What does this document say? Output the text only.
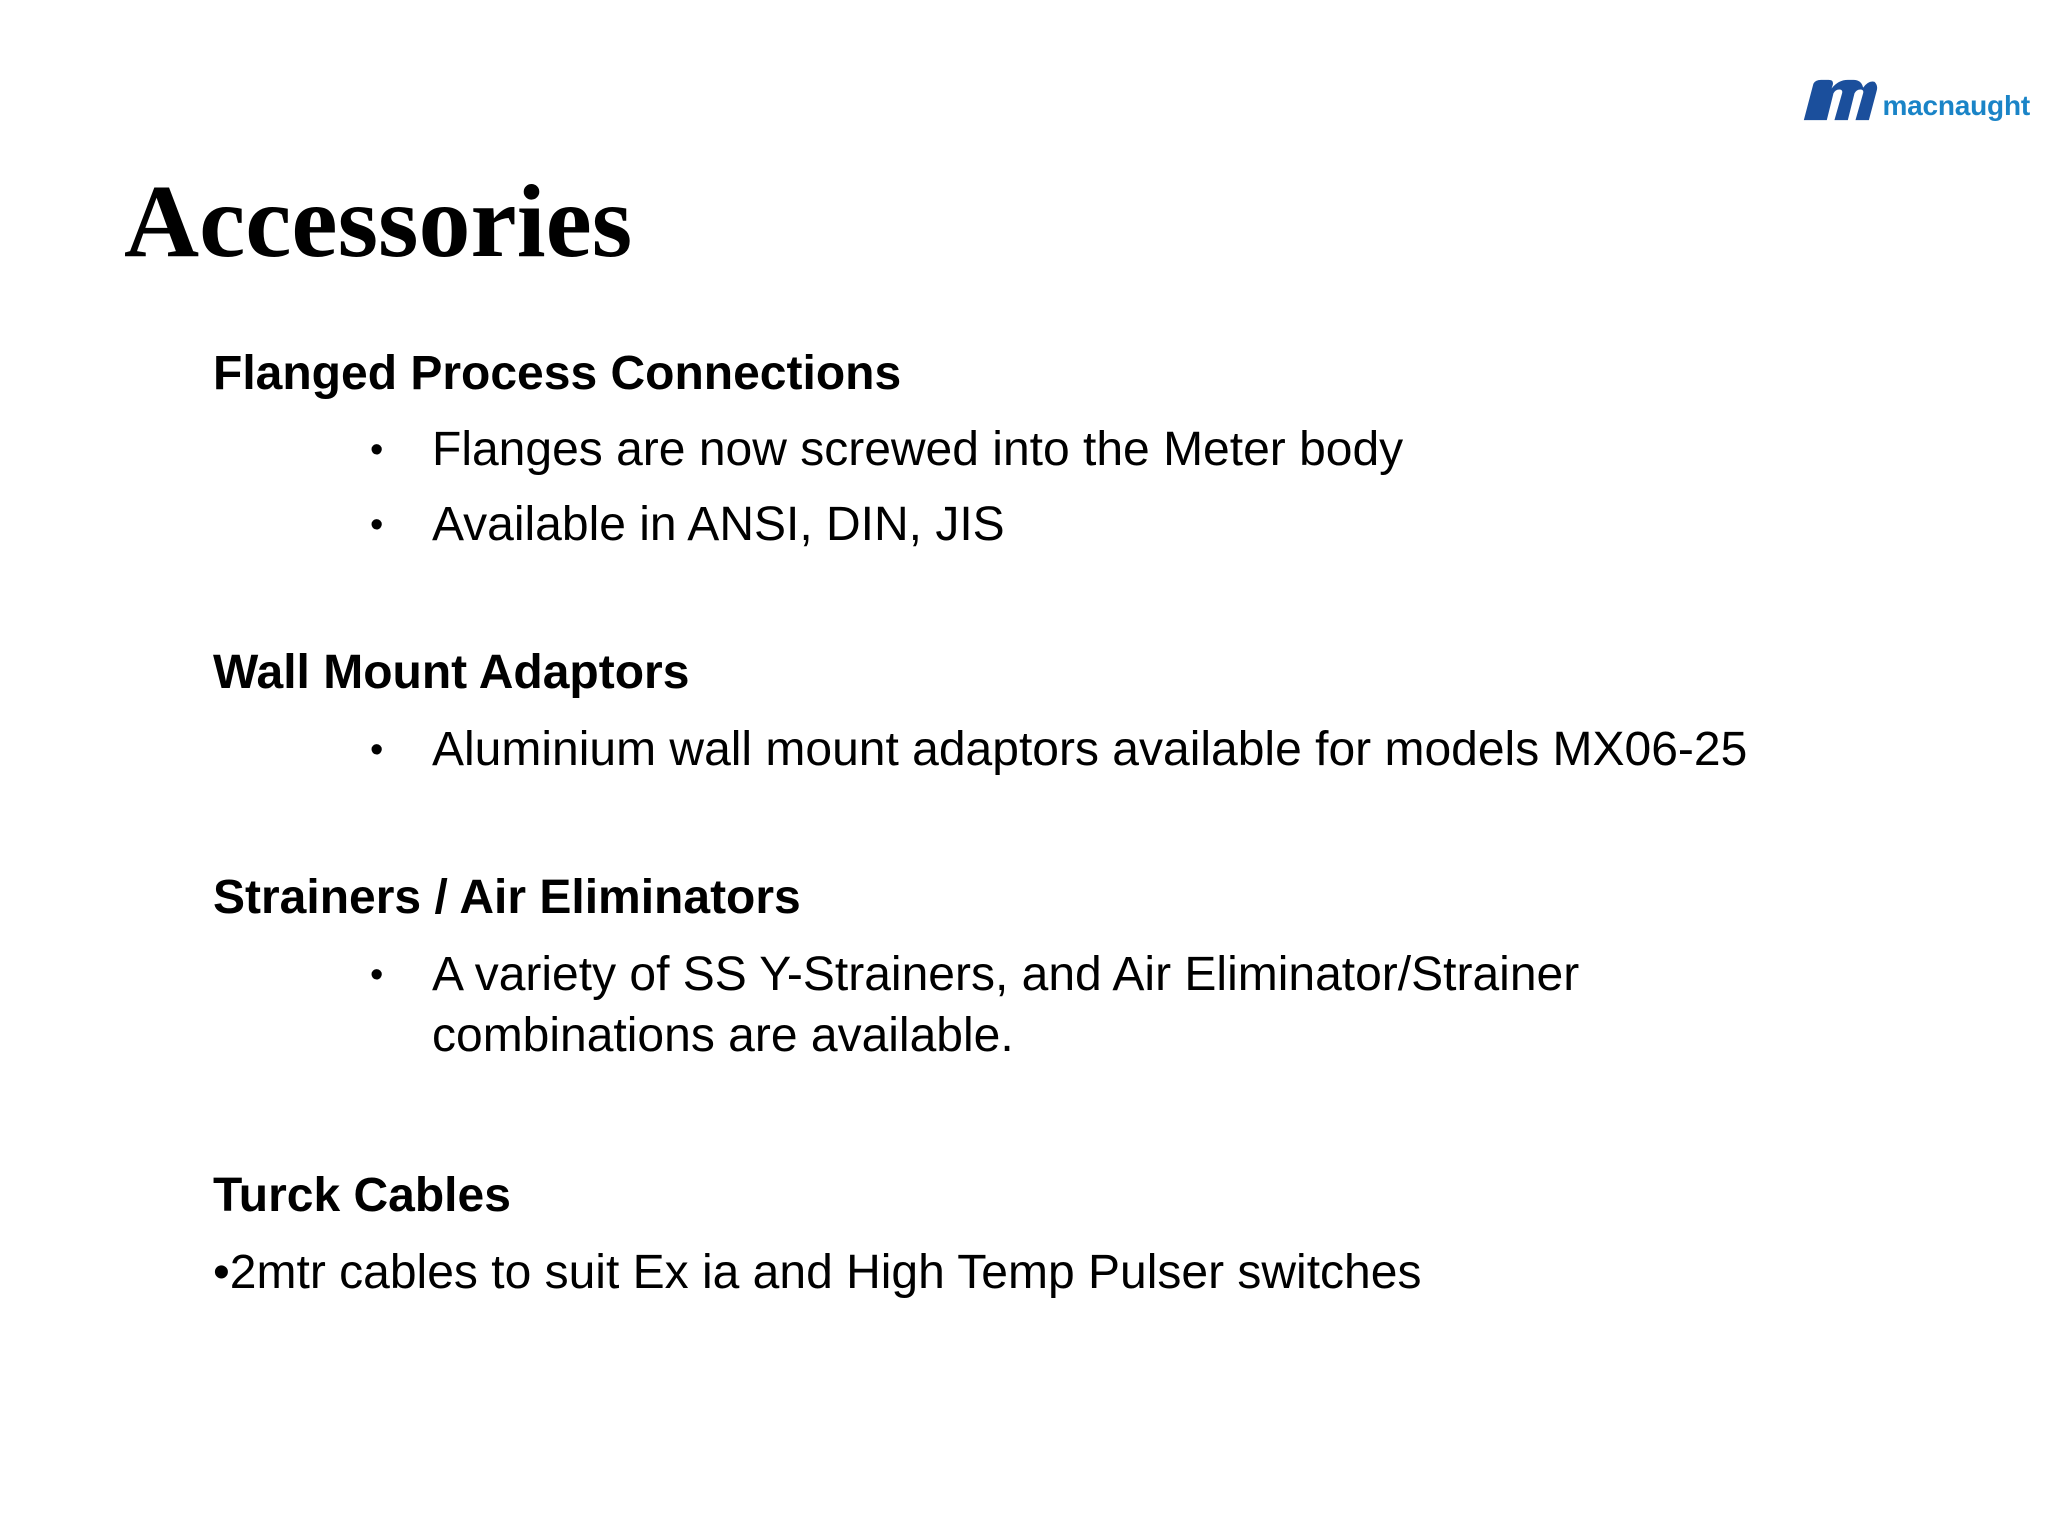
macnaught
Accessories
Flanged Process Connections
• Flanges are now screwed into the Meter body
• Available in ANSI, DIN, JIS
Wall Mount Adaptors
• Aluminium wall mount adaptors available for models MX06-25
Strainers / Air Eliminators
• A variety of SS Y-Strainers, and Air Eliminator/Strainer
combinations are available.
Turck Cables
•2mtr cables to suit Ex ia and High Temp Pulser switches
